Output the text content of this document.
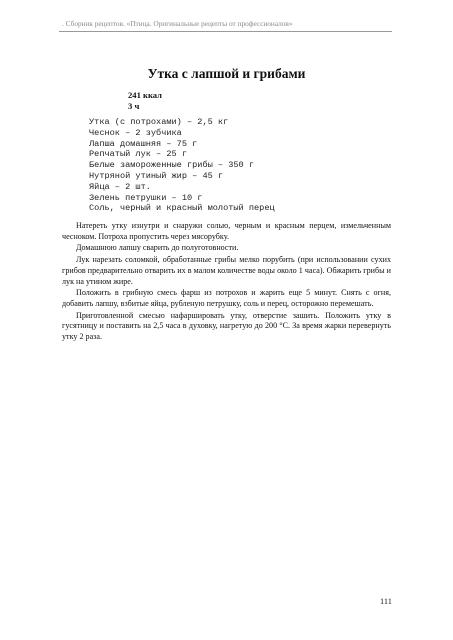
. Сборник рецептов. «Птица. Оригинальные рецепты от профессионалов»
Утка с лапшой и грибами
241 ккал
3 ч
Утка (с потрохами) – 2,5 кг
Чеснок – 2 зубчика
Лапша домашняя – 75 г
Репчатый лук – 25 г
Белые замороженные грибы – 350 г
Нутряной утиный жир – 45 г
Яйца – 2 шт.
Зелень петрушки – 10 г
Соль, черный и красный молотый перец

Натереть утку изнутри и снаружи солью, черным и красным перцем, измельченным чесноком. Потроха пропустить через мясорубку.

Домашнюю лапшу сварить до полуготовности.

Лук нарезать соломкой, обработанные грибы мелко порубить (при использовании сухих грибов предварительно отварить их в малом количестве воды около 1 часа). Обжарить грибы и лук на утином жире.

Положить в грибную смесь фарш из потрохов и жарить еще 5 минут. Снять с огня, добавить лапшу, взбитые яйца, рубленую петрушку, соль и перец, осторожно перемешать.

Приготовленной смесью нафаршировать утку, отверстие зашить. Положить утку в гусятницу и поставить на 2,5 часа в духовку, нагретую до 200 °С. За время жарки перевернуть утку 2 раза.

111
